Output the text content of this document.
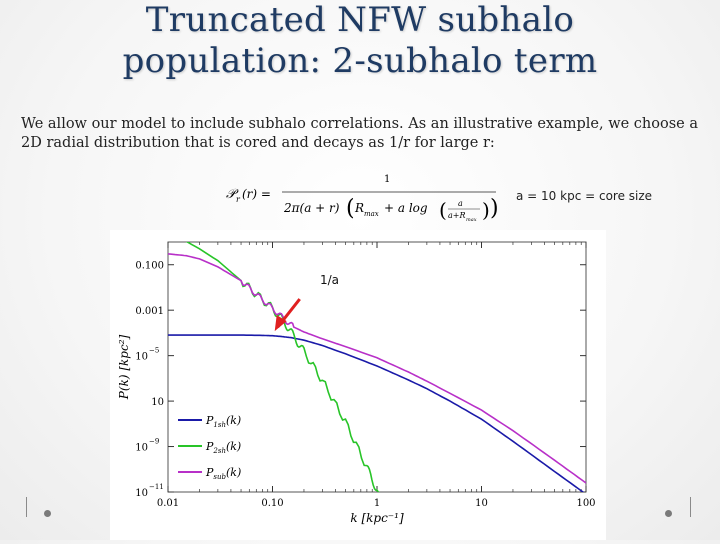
Truncated NFW subhalo
population: 2-subhalo term
We allow our model to include subhalo correlations. As an illustrative example, we choose a 2D radial distribution that is cored and decays as 1/r for large r:
𝒫 r (r) =
1
2π(a + r) ( R max + a log ( a
a+R max ) ) a = 10 kpc = core size
0.01	0.10	1	10	100
10
−11
10
−9
10
10
−5
0.001
0.100
k [kpc⁻¹]
P(k) [kpc²]
$P_{1sh}(k)$
$P_{2sh}(k)$
$P_{sub}(k)$
1/a
